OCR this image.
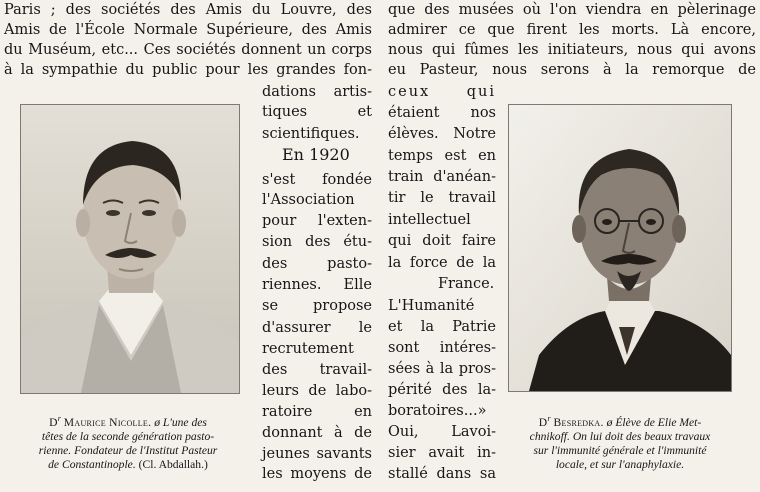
Paris ; des sociétés des Amis du Louvre, des

Amis de l'École Normale Supérieure, des Amis

du Muséum, etc... Ces sociétés donnent un corps

à la sympathie du public pour les grandes fon-

que des musées où l'on viendra en pèlerinage

admirer ce que firent les morts. Là encore,

nous qui fûmes les initiateurs, nous qui avons

eu Pasteur, nous serons à la remorque de

dations artis-

tiques et

scientifiques.

En 1920

s'est fondée

l'Association

pour l'exten-

sion des étu-

des pasto-

riennes. Elle

se propose

d'assurer le

recrutement

des travail-

leurs de labo-

ratoire en

donnant à de

jeunes savants

les moyens de

ceux qui

étaient nos

élèves. Notre

temps est en

train d'anéan-

tir le travail

intellectuel

qui doit faire

la force de la

France.

L'Humanité

et la Patrie

sont intéres-

sées à la pros-

périté des la-

boratoires...»

Oui, Lavoi-

sier avait in-

stallé dans sa

$D^r$ Maurice Nicolle. ø L'une des
têtes de la seconde génération pasto-
rienne. Fondateur de l'Institut Pasteur
de Constantinople. (Cl. Abdallah.)
$D^r$ Besredka. ø Élève de Elie Met-
chnikoff. On lui doit des beaux travaux
sur l'immunité générale et l'immunité
locale, et sur l'anaphylaxie.
